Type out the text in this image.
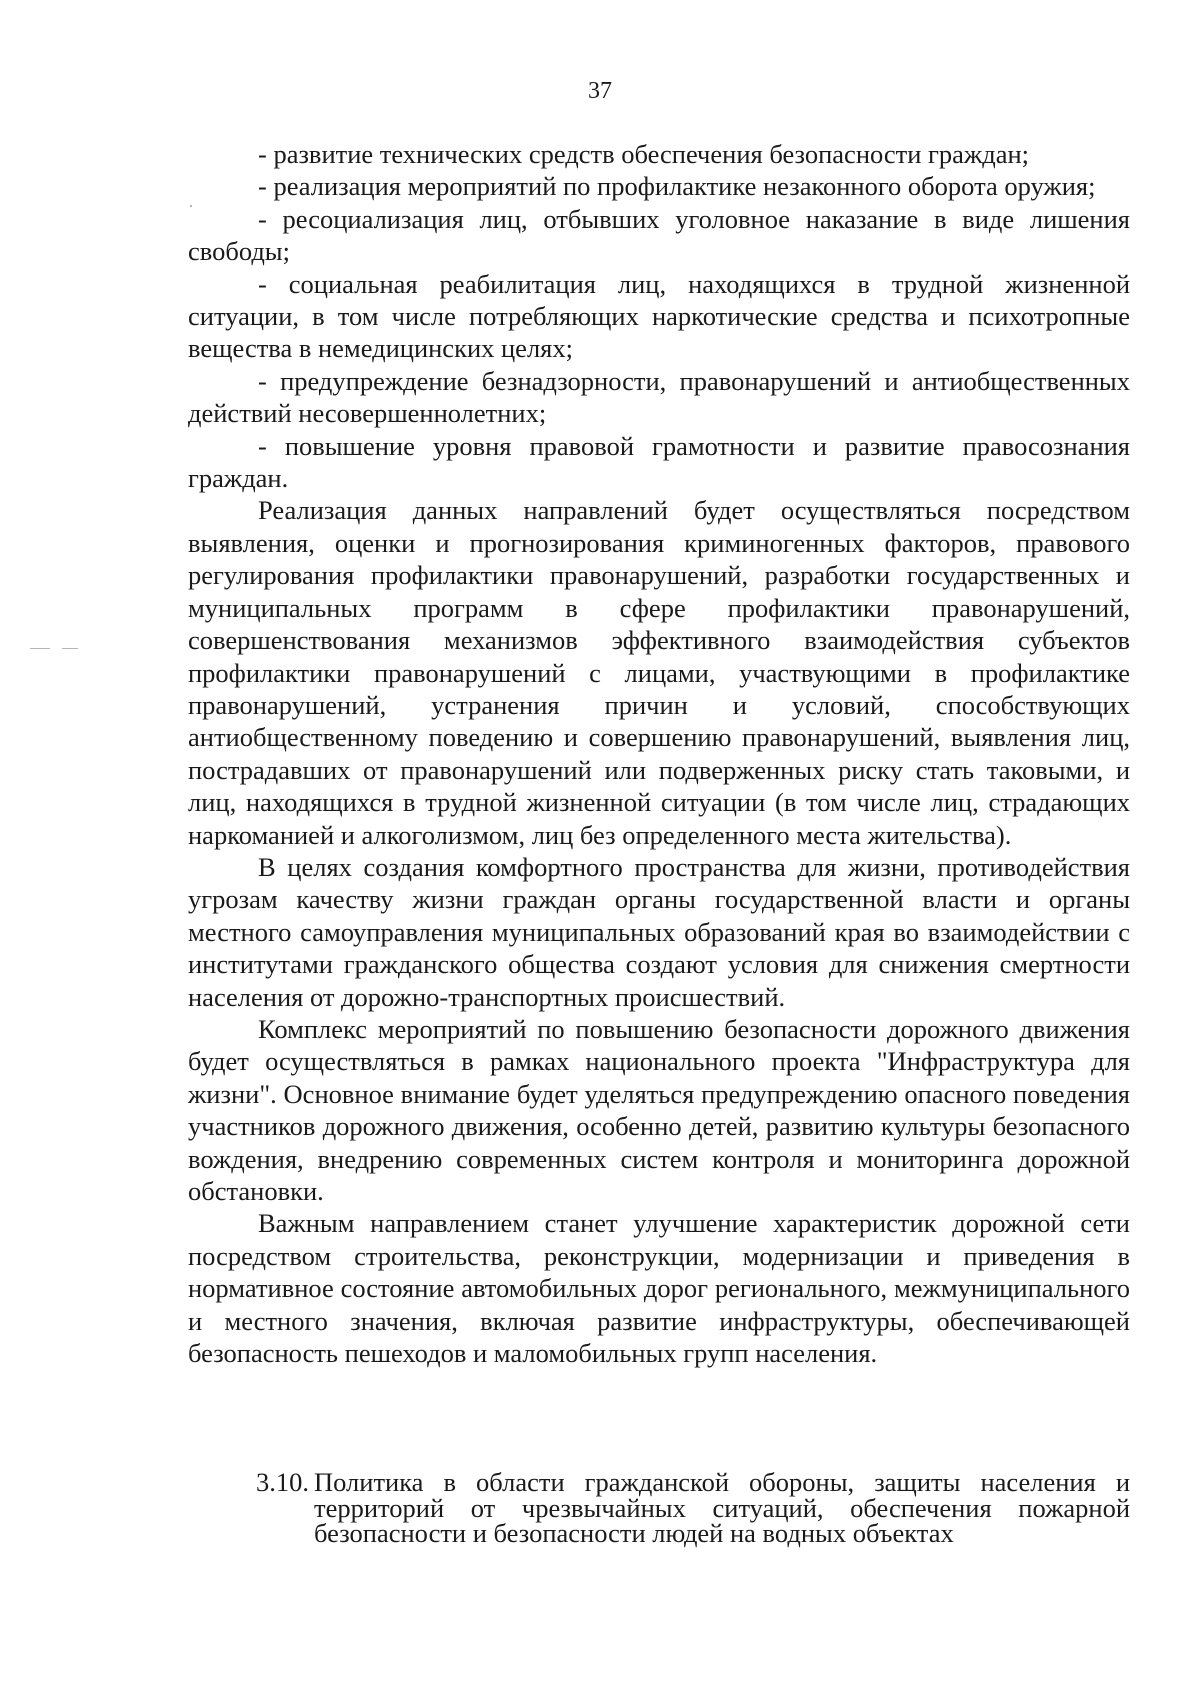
37

- развитие технических средств обеспечения безопасности граждан;

- реализация мероприятий по профилактике незаконного оборота оружия;

- ресоциализация лиц, отбывших уголовное наказание в виде лишения свободы;

- социальная реабилитация лиц, находящихся в трудной жизненной ситуации, в том числе потребляющих наркотические средства и психотропные вещества в немедицинских целях;

- предупреждение безнадзорности, правонарушений и антиобщественных действий несовершеннолетних;

- повышение уровня правовой грамотности и развитие правосознания граждан.

Реализация данных направлений будет осуществляться посредством выявления, оценки и прогнозирования криминогенных факторов, правового регулирования профилактики правонарушений, разработки государственных и муниципальных программ в сфере профилактики правонарушений, совершенствования механизмов эффективного взаимодействия субъектов профилактики правонарушений с лицами, участвующими в профилактике правонарушений, устранения причин и условий, способствующих антиобщественному поведению и совершению правонарушений, выявления лиц, пострадавших от правонарушений или подверженных риску стать таковыми, и лиц, находящихся в трудной жизненной ситуации (в том числе лиц, страдающих наркоманией и алкоголизмом, лиц без определенного места жительства).

В целях создания комфортного пространства для жизни, противодействия угрозам качеству жизни граждан органы государственной власти и органы местного самоуправления муниципальных образований края во взаимодействии с институтами гражданского общества создают условия для снижения смертности населения от дорожно-транспортных происшествий.

Комплекс мероприятий по повышению безопасности дорожного движения будет осуществляться в рамках национального проекта "Инфраструктура для жизни". Основное внимание будет уделяться предупреждению опасного поведения участников дорожного движения, особенно детей, развитию культуры безопасного вождения, внедрению современных систем контроля и мониторинга дорожной обстановки.

Важным направлением станет улучшение характеристик дорожной сети посредством строительства, реконструкции, модернизации и приведения в нормативное состояние автомобильных дорог регионального, межмуниципального и местного значения, включая развитие инфраструктуры, обеспечивающей безопасность пешеходов и маломобильных групп населения.

3.10. Политика в области гражданской обороны, защиты населения и территорий от чрезвычайных ситуаций, обеспечения пожарной безопасности и безопасности людей на водных объектах
